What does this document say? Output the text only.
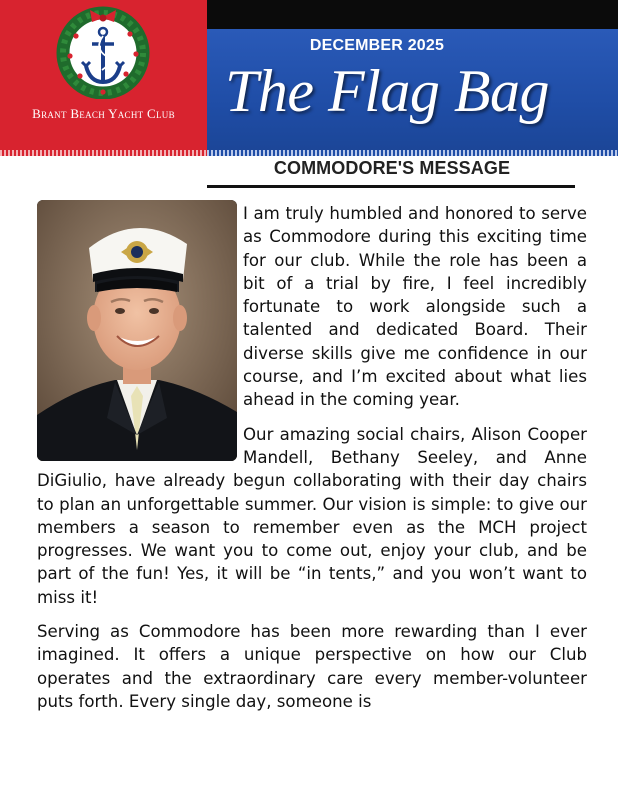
Brant Beach Yacht Club
DECEMBER 2025
The Flag Bag
COMMODORE'S MESSAGE

I am truly humbled and honored to serve as Commodore during this exciting time for our club. While the role has been a bit of a trial by fire, I feel incredibly fortunate to work alongside such a talented and dedicated Board. Their diverse skills give me confidence in our course, and I’m excited about what lies ahead in the coming year.

Our amazing social chairs, Alison Cooper Mandell, Bethany Seeley, and Anne DiGiulio, have already begun collaborating with their day chairs to plan an unforgettable summer. Our vision is simple: to give our members a season to remember even as the MCH project progresses. We want you to come out, enjoy your club, and be part of the fun! Yes, it will be “in tents,” and you won’t want to miss it!

Serving as Commodore has been more rewarding than I ever imagined. It offers a unique perspective on how our Club operates and the extraordinary care every member-volunteer puts forth. Every single day, someone is
